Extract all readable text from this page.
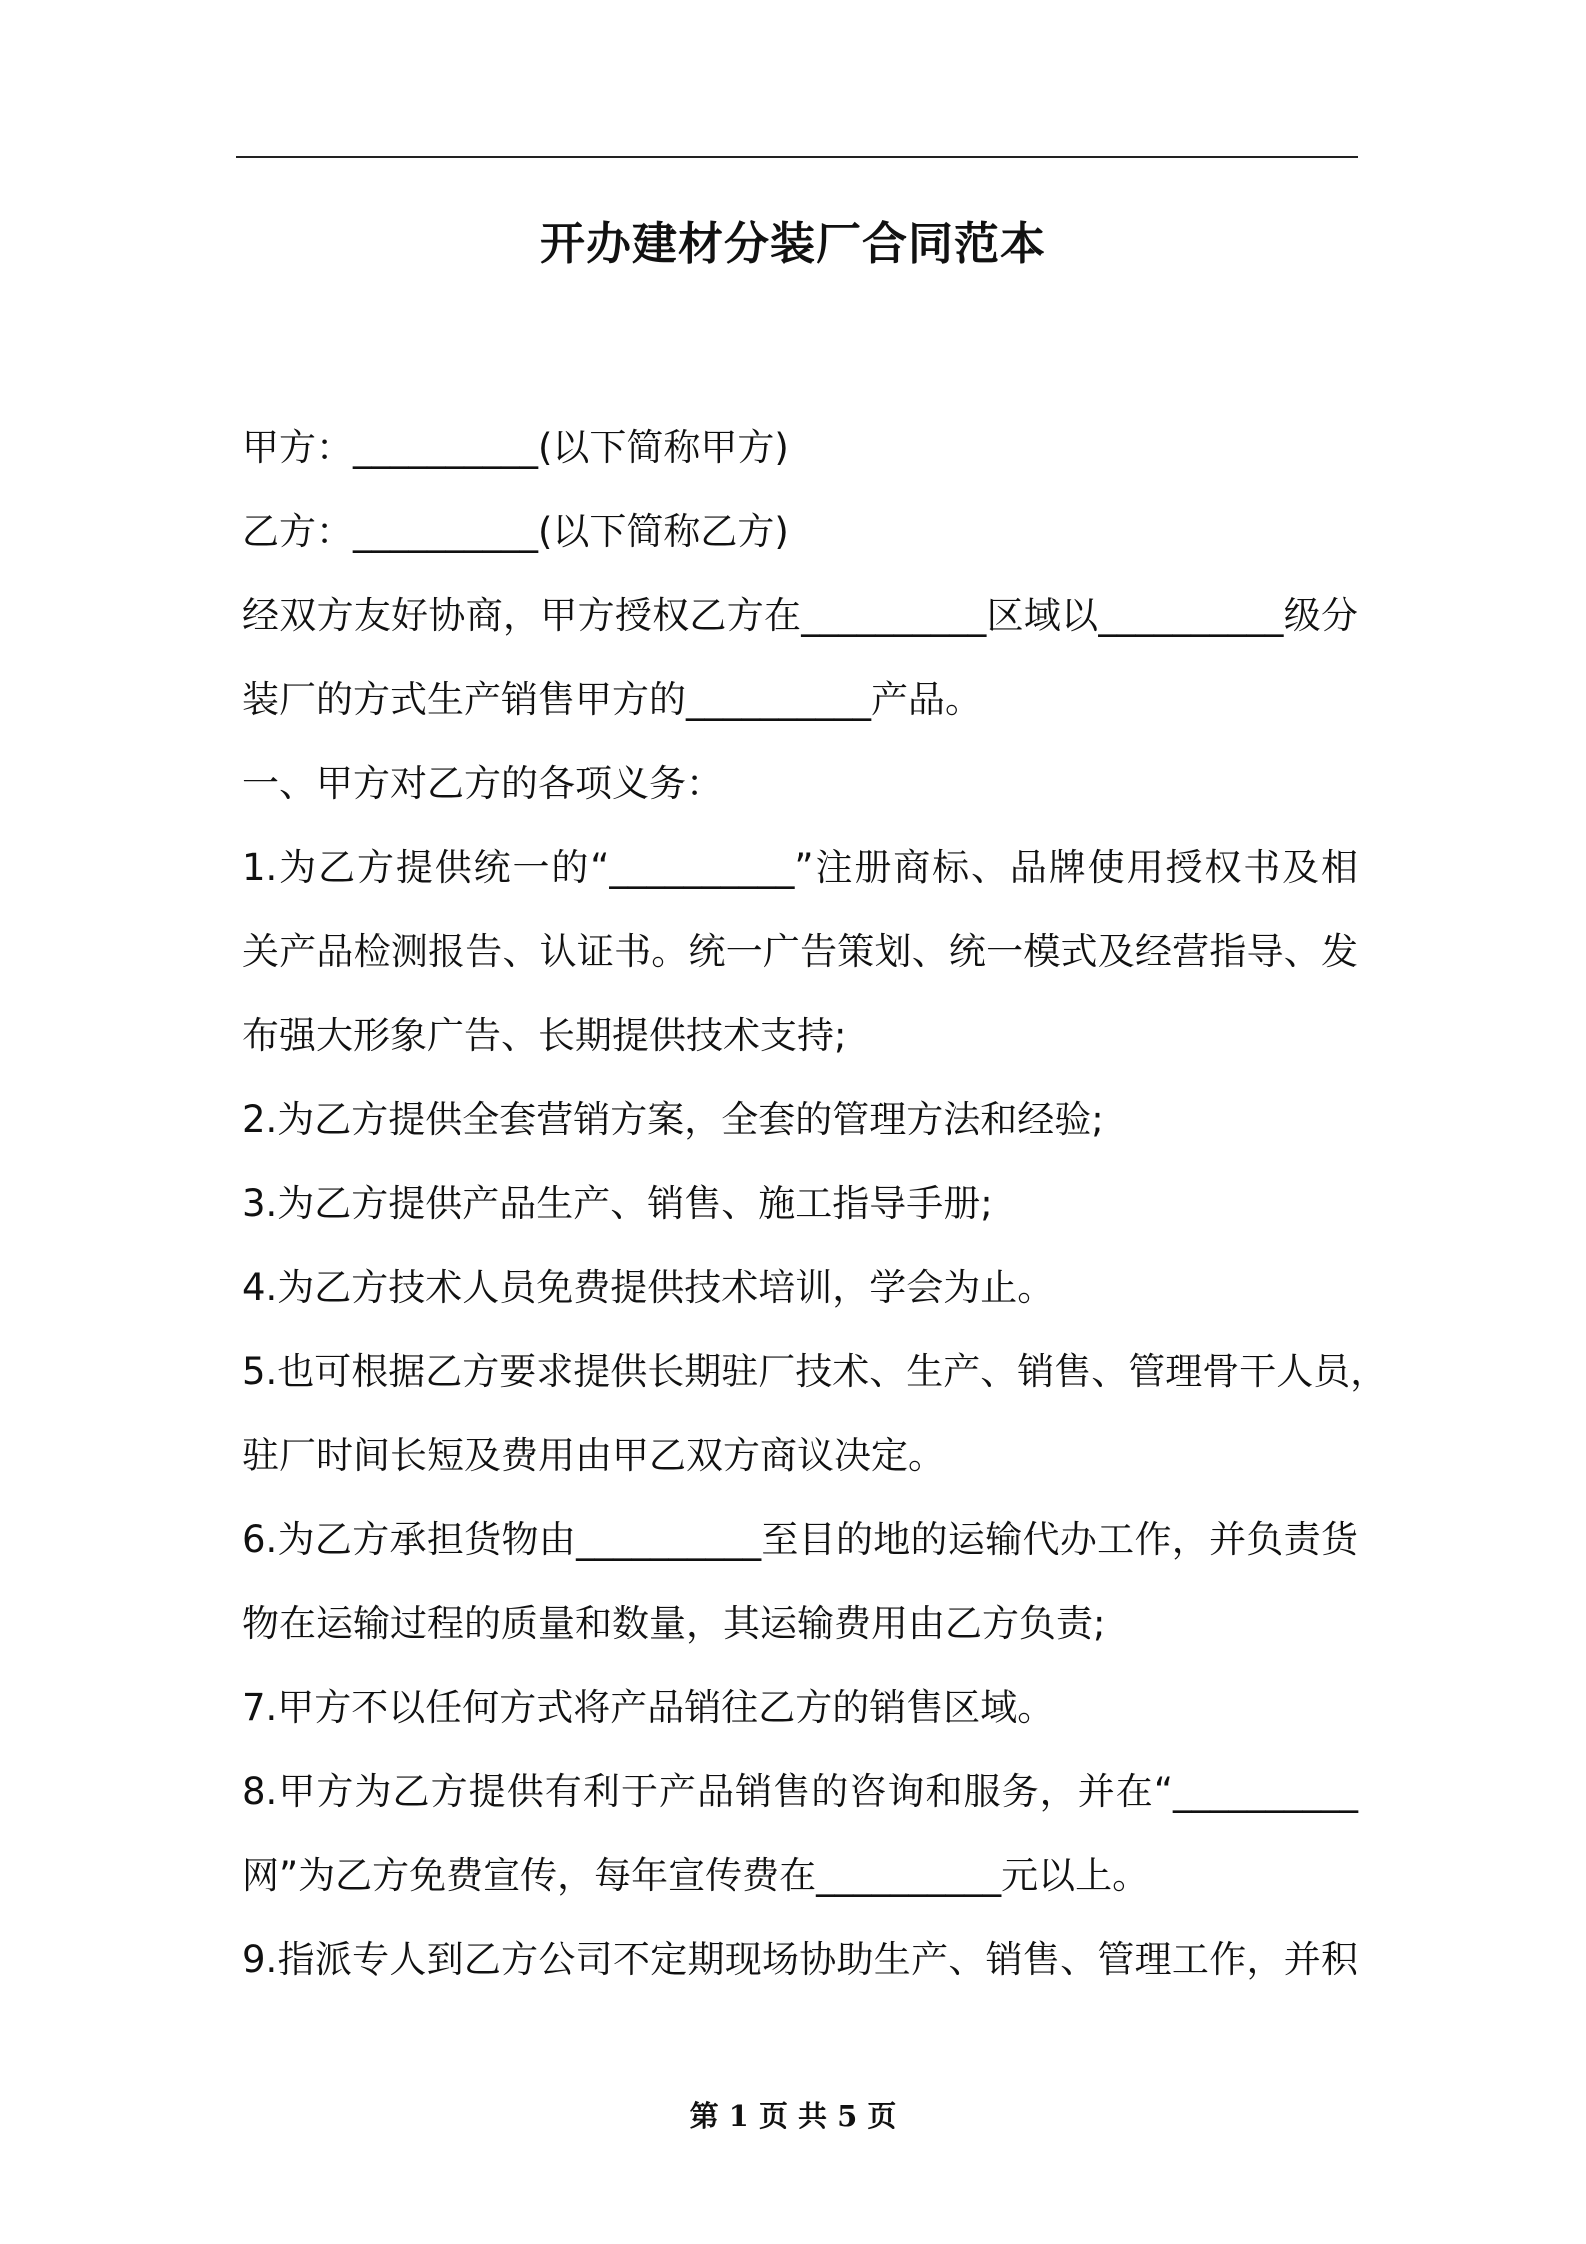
开办建材分装厂合同范本
甲方：__________(以下简称甲方)
乙方：__________(以下简称乙方)
经双方友好协商，甲方授权乙方在__________区域以__________级分
装厂的方式生产销售甲方的__________产品。
一、甲方对乙方的各项义务：
1.为乙方提供统一的“__________”注册商标、品牌使用授权书及相
关产品检测报告、认证书。统一广告策划、统一模式及经营指导、发
布强大形象广告、长期提供技术支持;
2.为乙方提供全套营销方案，全套的管理方法和经验;
3.为乙方提供产品生产、销售、施工指导手册;
4.为乙方技术人员免费提供技术培训，学会为止。
5.也可根据乙方要求提供长期驻厂技术、生产、销售、管理骨干人员，
驻厂时间长短及费用由甲乙双方商议决定。
6.为乙方承担货物由__________至目的地的运输代办工作，并负责货
物在运输过程的质量和数量，其运输费用由乙方负责;
7.甲方不以任何方式将产品销往乙方的销售区域。
8.甲方为乙方提供有利于产品销售的咨询和服务，并在“__________
网”为乙方免费宣传，每年宣传费在__________元以上。
9.指派专人到乙方公司不定期现场协助生产、销售、管理工作，并积
第 1 页 共 5 页
